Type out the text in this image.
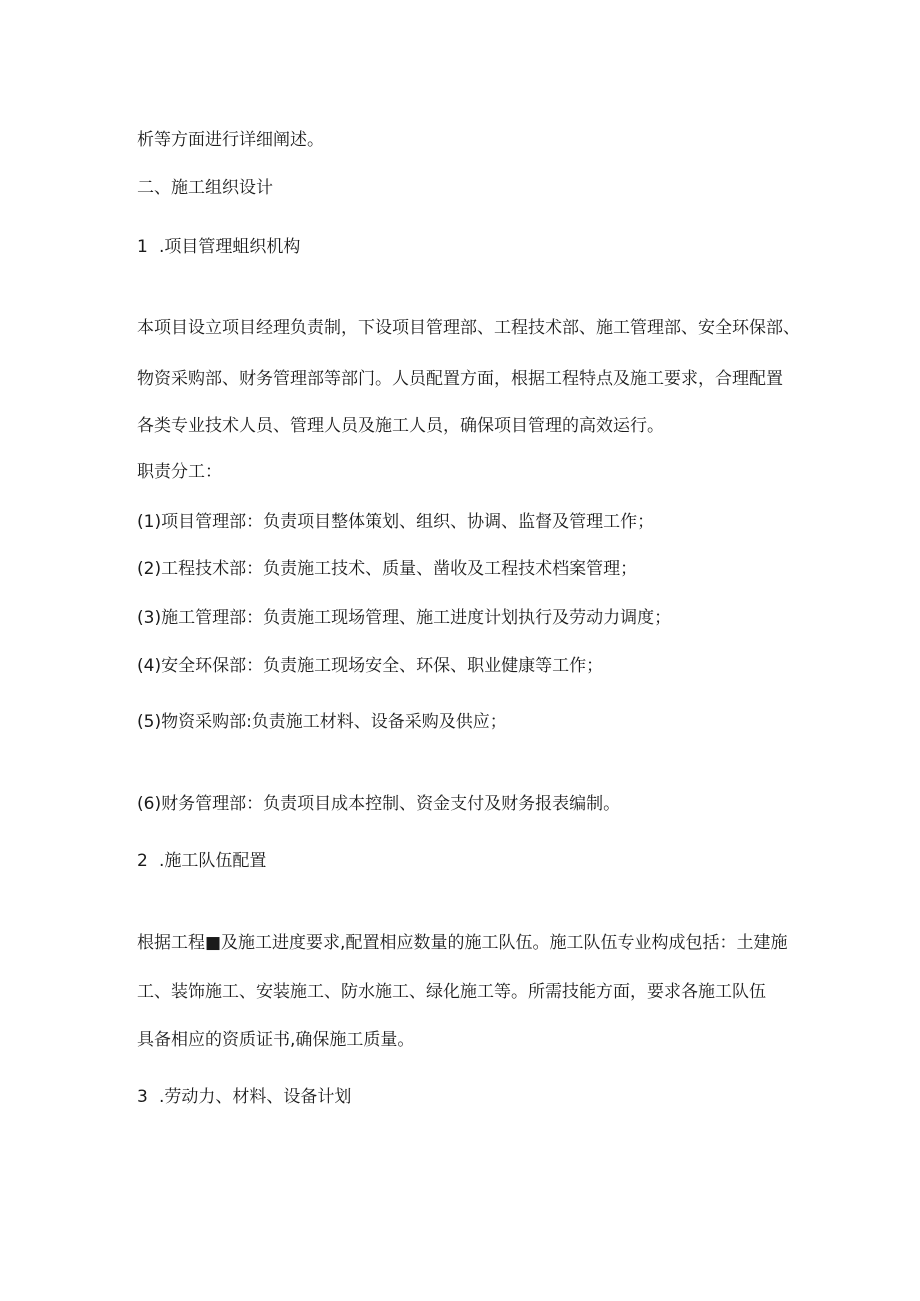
析等方面进行详细阐述。
二、施工组织设计
1 .项目管理蛆织机构
本项目设立项目经理负责制，下设项目管理部、工程技术部、施工管理部、安全环保部、
物资采购部、财务管理部等部门。人员配置方面，根据工程特点及施工要求，合理配置
各类专业技术人员、管理人员及施工人员，确保项目管理的高效运行。
职责分工：
(1)项目管理部：负责项目整体策划、组织、协调、监督及管理工作；
(2)工程技术部：负责施工技术、质量、凿收及工程技术档案管理；
(3)施工管理部：负责施工现场管理、施工进度计划执行及劳动力调度；
(4)安全环保部：负责施工现场安全、环保、职业健康等工作；
(5)物资采购部:负责施工材料、设备采购及供应；
(6)财务管理部：负责项目成本控制、资金支付及财务报表编制。
2 .施工队伍配置
根据工程■及施工进度要求,配置相应数量的施工队伍。施工队伍专业构成包括：土建施
工、装饰施工、安装施工、防水施工、绿化施工等。所需技能方面，要求各施工队伍
具备相应的资质证书,确保施工质量。
3 .劳动力、材料、设备计划
